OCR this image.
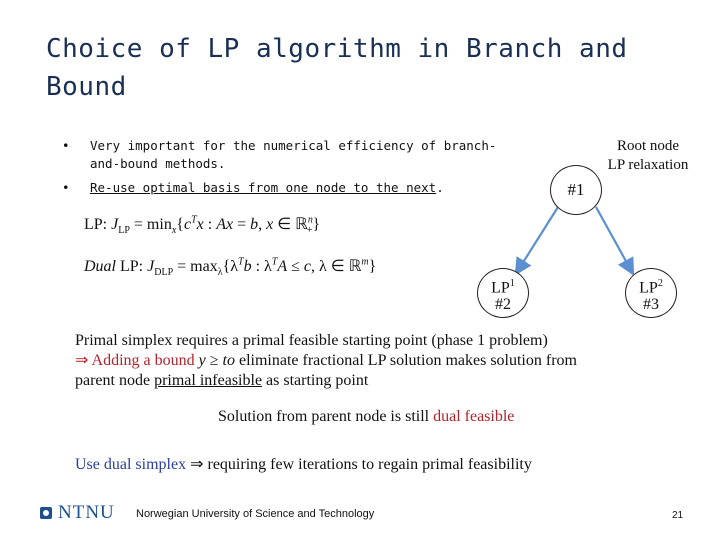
Choice of LP algorithm in Branch and Bound
• Very important for the numerical efficiency of branch-and-bound methods.
• Re-use optimal basis from one node to the next.
LP: $J_{LP} = \min_x\{c^Tx$ : Ax = b, x ∈ ℝ$^n_+$}
Dual LP: $J_{DLP} = \max_\lambda\{\lambda^Tb$ : $\lambda^TA \le c$, λ ∈ ℝ$^m$}
Root node
LP relaxation
#1
$LP^1$
#2
$LP^2$
#3
Primal simplex requires a primal feasible starting point (phase 1 problem)
⇒ Adding a bound y ≥ to eliminate fractional LP solution makes solution from
parent node primal infeasible as starting point
Solution from parent node is still dual feasible
Use dual simplex ⇒ requiring few iterations to regain primal feasibility
NTNU Norwegian University of Science and Technology	21
